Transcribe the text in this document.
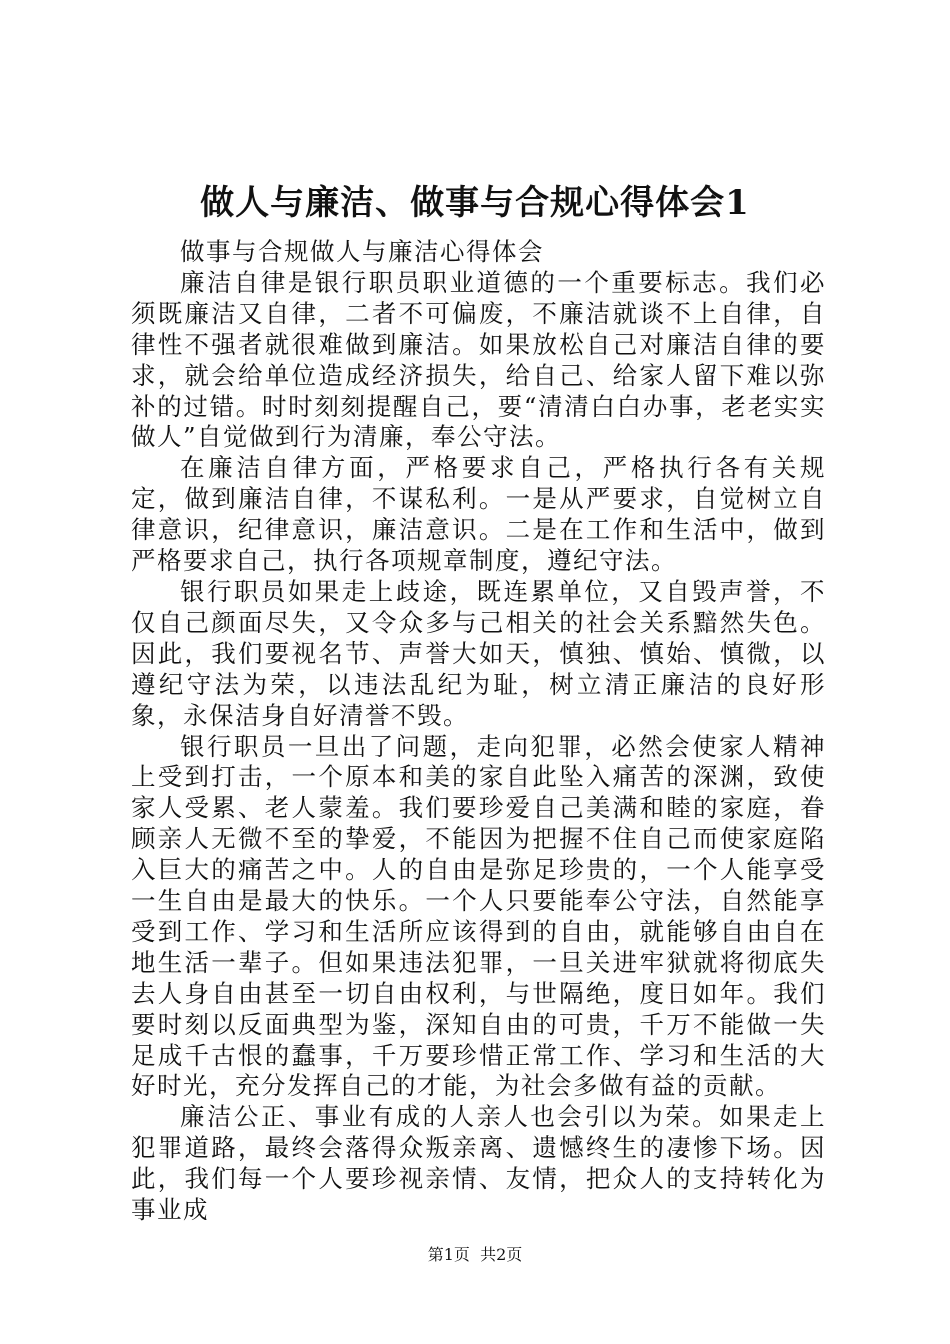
做人与廉洁、做事与合规心得体会1

做事与合规做人与廉洁心得体会

廉洁自律是银行职员职业道德的一个重要标志。我们必须既廉洁又自律，二者不可偏废，不廉洁就谈不上自律，自律性不强者就很难做到廉洁。如果放松自己对廉洁自律的要求，就会给单位造成经济损失，给自己、给家人留下难以弥补的过错。时时刻刻提醒自己，要“清清白白办事，老老实实做人”自觉做到行为清廉，奉公守法。

在廉洁自律方面，严格要求自己，严格执行各有关规定，做到廉洁自律，不谋私利。一是从严要求，自觉树立自律意识，纪律意识，廉洁意识。二是在工作和生活中，做到严格要求自己，执行各项规章制度，遵纪守法。

银行职员如果走上歧途，既连累单位，又自毁声誉，不仅自己颜面尽失，又令众多与己相关的社会关系黯然失色。因此，我们要视名节、声誉大如天，慎独、慎始、慎微，以遵纪守法为荣，以违法乱纪为耻，树立清正廉洁的良好形象，永保洁身自好清誉不毁。

银行职员一旦出了问题，走向犯罪，必然会使家人精神上受到打击，一个原本和美的家自此坠入痛苦的深渊，致使家人受累、老人蒙羞。我们要珍爱自己美满和睦的家庭，眷顾亲人无微不至的挚爱，不能因为把握不住自己而使家庭陷入巨大的痛苦之中。人的自由是弥足珍贵的，一个人能享受一生自由是最大的快乐。一个人只要能奉公守法，自然能享受到工作、学习和生活所应该得到的自由，就能够自由自在地生活一辈子。但如果违法犯罪，一旦关进牢狱就将彻底失去人身自由甚至一切自由权利，与世隔绝，度日如年。我们要时刻以反面典型为鉴，深知自由的可贵，千万不能做一失足成千古恨的蠢事，千万要珍惜正常工作、学习和生活的大好时光，充分发挥自己的才能，为社会多做有益的贡献。

廉洁公正、事业有成的人亲人也会引以为荣。如果走上犯罪道路，最终会落得众叛亲离、遗憾终生的凄惨下场。因此，我们每一个人要珍视亲情、友情，把众人的支持转化为事业成

第1页 共2页
